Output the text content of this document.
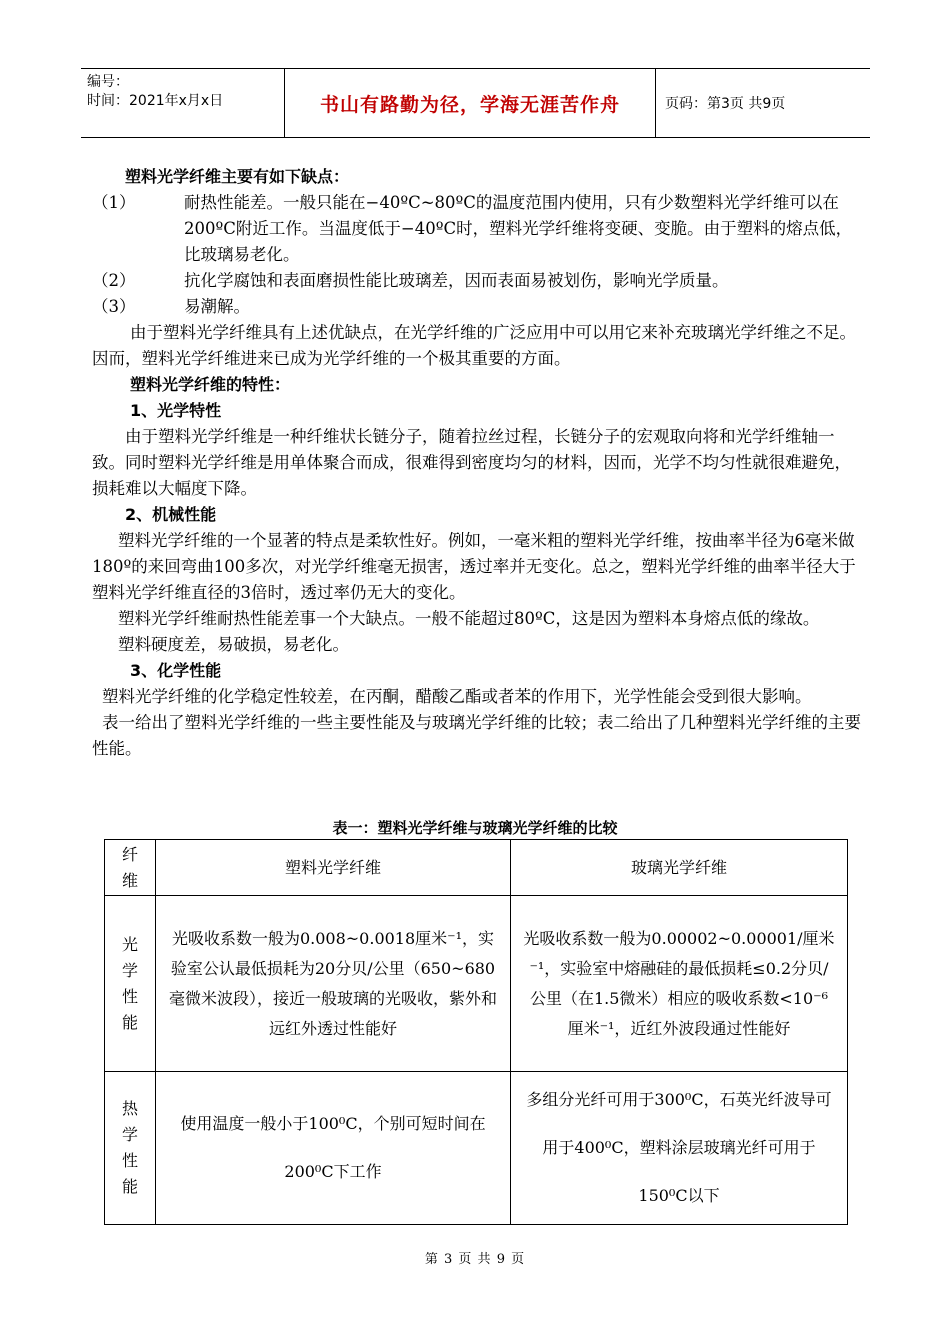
编号：
时间：2021年x月x日	书山有路勤为径，学海无涯苦作舟	页码：第3页 共9页

塑料光学纤维主要有如下缺点：

（1）	耐热性能差。一般只能在−40ºC~80ºC的温度范围内使用，只有少数塑料光学纤维可以在200ºC附近工作。当温度低于−40ºC时，塑料光学纤维将变硬、变脆。由于塑料的熔点低，比玻璃易老化。
（2）	抗化学腐蚀和表面磨损性能比玻璃差，因而表面易被划伤，影响光学质量。
（3）	易潮解。

由于塑料光学纤维具有上述优缺点，在光学纤维的广泛应用中可以用它来补充玻璃光学纤维之不足。因而，塑料光学纤维进来已成为光学纤维的一个极其重要的方面。

塑料光学纤维的特性：

1、光学特性

由于塑料光学纤维是一种纤维状长链分子，随着拉丝过程，长链分子的宏观取向将和光学纤维轴一致。同时塑料光学纤维是用单体聚合而成，很难得到密度均匀的材料，因而，光学不均匀性就很难避免，损耗难以大幅度下降。

2、机械性能

塑料光学纤维的一个显著的特点是柔软性好。例如，一毫米粗的塑料光学纤维，按曲率半径为6毫米做180º的来回弯曲100多次，对光学纤维毫无损害，透过率并无变化。总之，塑料光学纤维的曲率半径大于塑料光学纤维直径的3倍时，透过率仍无大的变化。

塑料光学纤维耐热性能差事一个大缺点。一般不能超过80ºC，这是因为塑料本身熔点低的缘故。

塑料硬度差，易破损，易老化。

3、化学性能

塑料光学纤维的化学稳定性较差，在丙酮，醋酸乙酯或者苯的作用下，光学性能会受到很大影响。

表一给出了塑料光学纤维的一些主要性能及与玻璃光学纤维的比较；表二给出了几种塑料光学纤维的主要性能。

表一：塑料光学纤维与玻璃光学纤维的比较
纤维	塑料光学纤维	玻璃光学纤维

光学性能	光吸收系数一般为0.008~0.0018厘米⁻¹，实验室公认最低损耗为20分贝/公里（650~680 毫微米波段），接近一般玻璃的光吸收，紫外和远红外透过性能好	光吸收系数一般为0.00002~0.00001/厘米⁻¹，实验室中熔融硅的最低损耗≤0.2分贝/公里（在1.5微米）相应的吸收系数<10⁻⁶厘米⁻¹，近红外波段通过性能好

热学性能	使用温度一般小于100⁰C，个别可短时间在200⁰C下工作	多组分光纤可用于300⁰C，石英光纤波导可用于400⁰C，塑料涂层玻璃光纤可用于150⁰C以下
第 3 页 共 9 页
